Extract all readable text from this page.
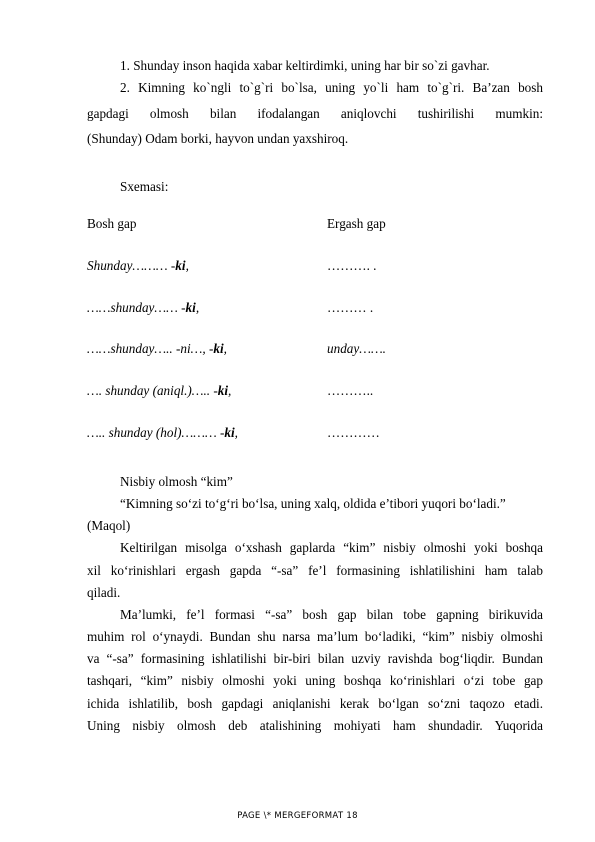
1. Shunday inson haqida xabar keltirdimki, uning har bir so`zi gavhar.
2. Kimning ko`ngli to`g`ri bo`lsa, uning yo`li ham to`g`ri. Ba’zan bosh
gapdagi olmosh bilan ifodalangan aniqlovchi tushirilishi mumkin:
(Shunday) Odam borki, hayvon undan yaxshiroq.
Sxemasi:
Bosh gap	Ergash gap
Shunday……… -ki,	………. .
……shunday…… -ki,	……… .
……shunday….. -ni…, -ki,	unday…….
…. shunday (aniql.)….. -ki,	………..
….. shunday (hol)……… -ki,	…………
Nisbiy olmosh “kim”
“Kimning so‘zi to‘g‘ri bo‘lsa, uning xalq, oldida e’tibori yuqori bo‘ladi.”
(Maqol)
Keltirilgan misolga o‘xshash gaplarda “kim” nisbiy olmoshi yoki boshqa
xil ko‘rinishlari ergash gapda “-sa” fe’l formasining ishlatilishini ham talab
qiladi.
Ma’lumki, fe’l formasi “-sa” bosh gap bilan tobe gapning birikuvida
muhim rol o‘ynaydi. Bundan shu narsa ma’lum bo‘ladiki, “kim” nisbiy olmoshi
va “-sa” formasining ishlatilishi bir-biri bilan uzviy ravishda bog‘liqdir. Bundan
tashqari, “kim” nisbiy olmoshi yoki uning boshqa ko‘rinishlari o‘zi tobe gap
ichida ishlatilib, bosh gapdagi aniqlanishi kerak bo‘lgan so‘zni taqozo etadi.
Uning nisbiy olmosh deb atalishining mohiyati ham shundadir. Yuqorida
PAGE \* MERGEFORMAT 18
